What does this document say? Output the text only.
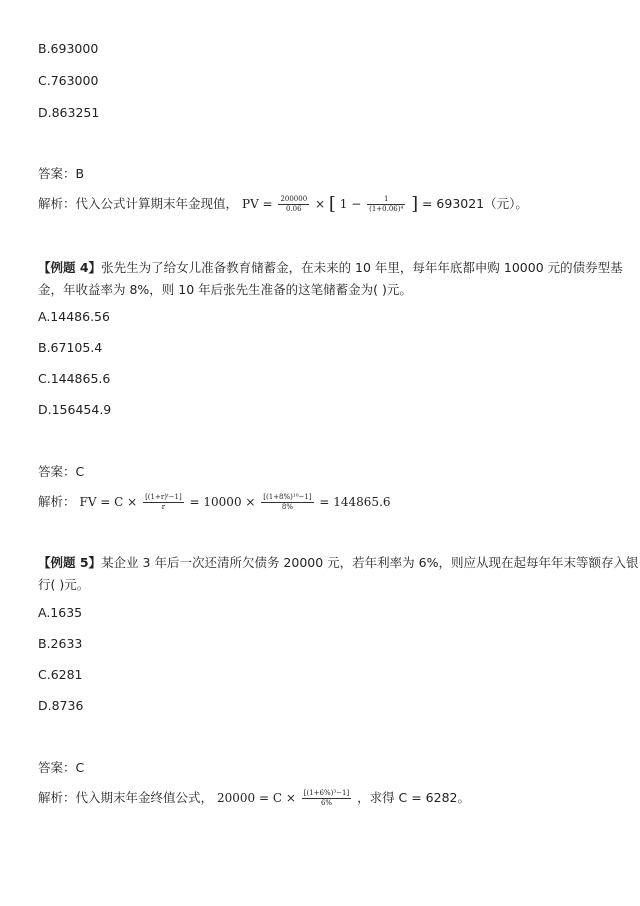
B.693000
C.763000
D.863251
答案：B
解析：代入公式计算期末年金现值， PV = $\frac{200000}{0.06}$ × [ $1 - \frac{1}{\text{(1+0.06)⁴}}$ ] = 693021（元）。
【例题 4】张先生为了给女儿准备教育储蓄金，在未来的 10 年里，每年年底都申购 10000 元的债券型基
金，年收益率为 8%，则 10 年后张先生准备的这笔储蓄金为( )元。
A.14486.56
B.67105.4
C.144865.6
D.156454.9
答案：C
解析： FV = $C \times \frac{\text{[(1+r)ᵗ−1]}}{r} = 10000 \times \frac{\text{[(1+8\%)¹⁰−1]}}{8\%} = 144865.6$
【例题 5】某企业 3 年后一次还清所欠债务 20000 元，若年利率为 6%，则应从现在起每年年末等额存入银
行( )元。
A.1635
B.2633
C.6281
D.8736
答案：C
解析：代入期末年金终值公式， $20000 = C \times \frac{\text{[(1+6\%)³−1]}}{6\%}$ ，求得 C = 6282。
